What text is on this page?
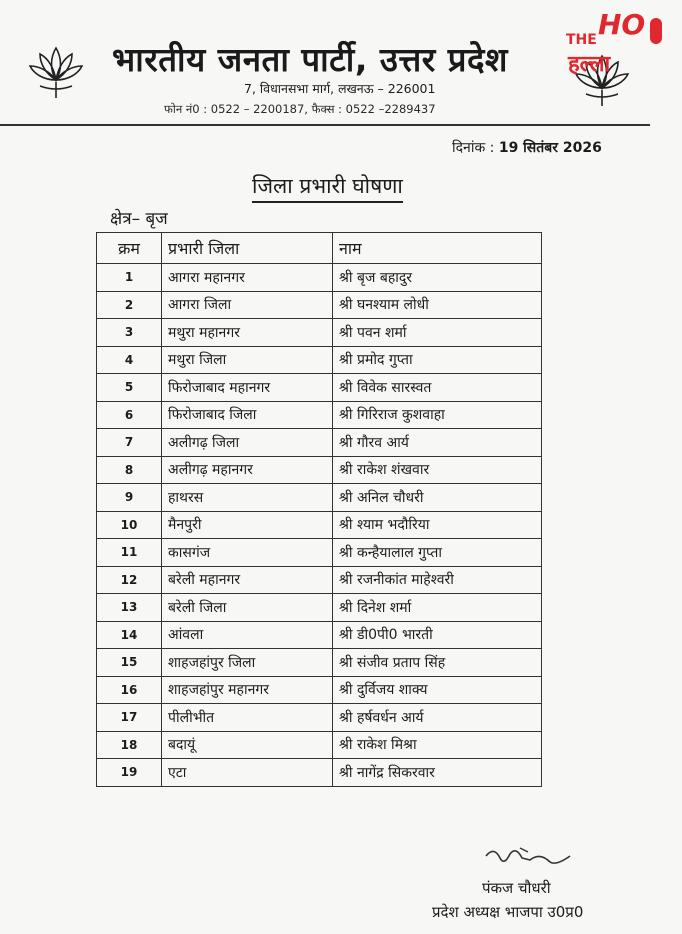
भारतीय जनता पार्टी, उत्तर प्रदेश
7, विधानसभा मार्ग, लखनऊ – 226001
फोन नं0 : 0522 – 2200187, फैक्स : 0522 –2289437
THE HO
हल्ला
दिनांक : 19 सितंबर 2026
जिला प्रभारी घोषणा
क्षेत्र– बृज
क्रम	प्रभारी जिला	नाम
1	आगरा महानगर	श्री बृज बहादुर
2	आगरा जिला	श्री घनश्याम लोधी
3	मथुरा महानगर	श्री पवन शर्मा
4	मथुरा जिला	श्री प्रमोद गुप्ता
5	फिरोजाबाद महानगर	श्री विवेक सारस्वत
6	फिरोजाबाद जिला	श्री गिरिराज कुशवाहा
7	अलीगढ़ जिला	श्री गौरव आर्य
8	अलीगढ़ महानगर	श्री राकेश शंखवार
9	हाथरस	श्री अनिल चौधरी
10	मैनपुरी	श्री श्याम भदौरिया
11	कासगंज	श्री कन्हैयालाल गुप्ता
12	बरेली महानगर	श्री रजनीकांत माहेश्वरी
13	बरेली जिला	श्री दिनेश शर्मा
14	आंवला	श्री डी0पी0 भारती
15	शाहजहांपुर जिला	श्री संजीव प्रताप सिंह
16	शाहजहांपुर महानगर	श्री दुर्विजय शाक्य
17	पीलीभीत	श्री हर्षवर्धन आर्य
18	बदायूं	श्री राकेश मिश्रा
19	एटा	श्री नागेंद्र सिकरवार
पंकज चौधरी
प्रदेश अध्यक्ष भाजपा उ0प्र0
